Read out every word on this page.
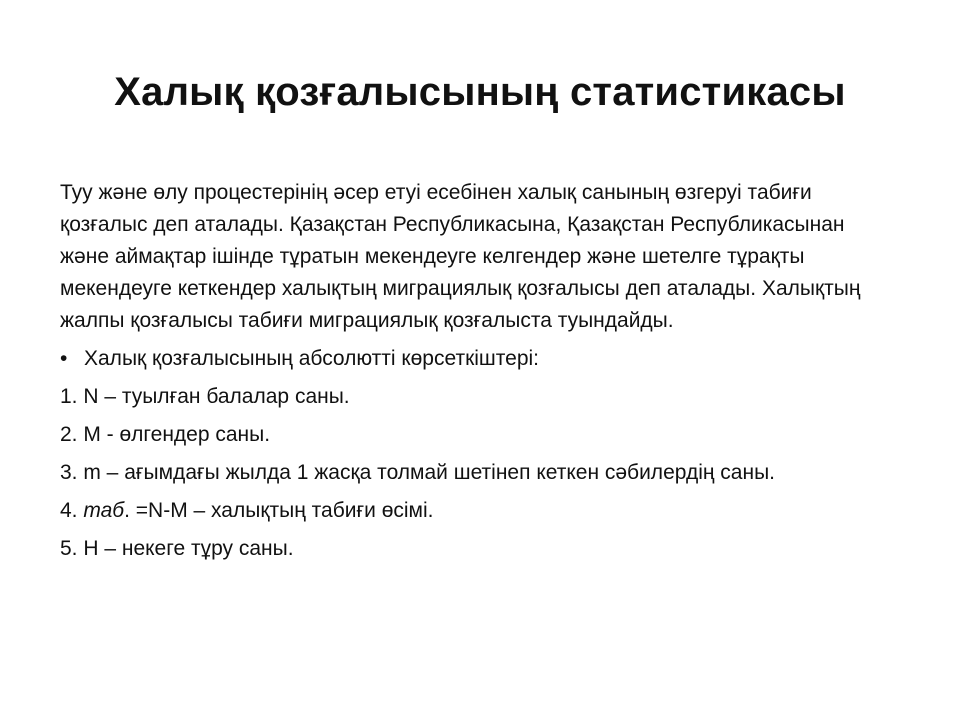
Халық қозғалысының статистикасы

Туу және өлу процестерінің әсер етуі есебінен халық санының өзгеруі табиғи қозғалыс деп аталады. Қазақстан Республикасына, Қазақстан Республикасынан және аймақтар ішінде тұратын мекендеуге келгендер және шетелге тұрақты мекендеуге кеткендер халықтың миграциялық қозғалысы деп аталады. Халықтың жалпы қозғалысы табиғи миграциялық қозғалыста туындайды.

• Халық қозғалысының абсолютті көрсеткіштері:
1. N – туылған балалар саны.
2. M - өлгендер саны.
3. m – ағымдағы жылда 1 жасқа толмай шетінеп кеткен сәбилердің саны.
4. таб. =N-M – халықтың табиғи өсімі.
5. H – некеге тұру саны.
